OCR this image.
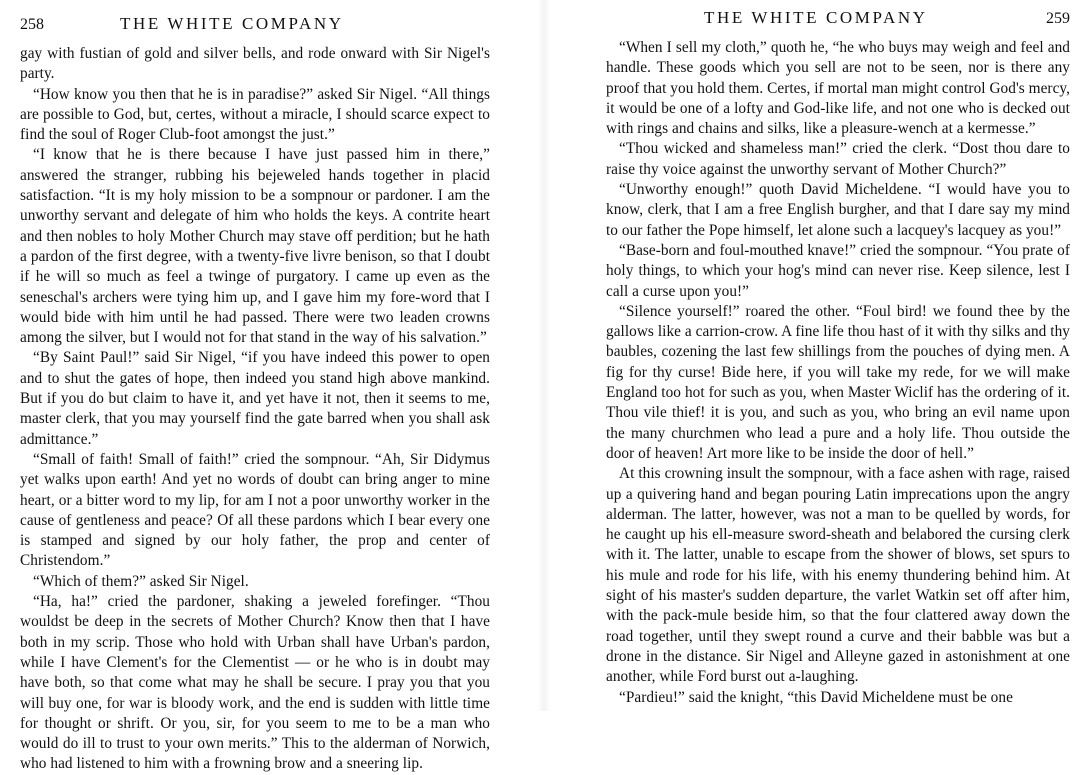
258	THE WHITE COMPANY

gay with fustian of gold and silver bells, and rode onward with Sir Nigel's party.

“How know you then that he is in paradise?” asked Sir Nigel. “All things are possible to God, but, certes, without a miracle, I should scarce expect to find the soul of Roger Club-foot amongst the just.”

“I know that he is there because I have just passed him in there,” answered the stranger, rubbing his bejeweled hands together in placid satisfaction. “It is my holy mission to be a sompnour or pardoner. I am the unworthy servant and delegate of him who holds the keys. A contrite heart and then nobles to holy Mother Church may stave off perdition; but he hath a pardon of the first degree, with a twenty-five livre benison, so that I doubt if he will so much as feel a twinge of purgatory. I came up even as the seneschal's archers were tying him up, and I gave him my fore-word that I would bide with him until he had passed. There were two leaden crowns among the silver, but I would not for that stand in the way of his salvation.”

“By Saint Paul!” said Sir Nigel, “if you have indeed this power to open and to shut the gates of hope, then indeed you stand high above mankind. But if you do but claim to have it, and yet have it not, then it seems to me, master clerk, that you may yourself find the gate barred when you shall ask admittance.”

“Small of faith! Small of faith!” cried the sompnour. “Ah, Sir Didymus yet walks upon earth! And yet no words of doubt can bring anger to mine heart, or a bitter word to my lip, for am I not a poor unworthy worker in the cause of gentleness and peace? Of all these pardons which I bear every one is stamped and signed by our holy father, the prop and center of Christendom.”

“Which of them?” asked Sir Nigel.

“Ha, ha!” cried the pardoner, shaking a jeweled forefinger. “Thou wouldst be deep in the secrets of Mother Church? Know then that I have both in my scrip. Those who hold with Urban shall have Urban's pardon, while I have Clement's for the Clementist — or he who is in doubt may have both, so that come what may he shall be secure. I pray you that you will buy one, for war is bloody work, and the end is sudden with little time for thought or shrift. Or you, sir, for you seem to me to be a man who would do ill to trust to your own merits.” This to the alderman of Norwich, who had listened to him with a frowning brow and a sneering lip.

THE WHITE COMPANY	259

“When I sell my cloth,” quoth he, “he who buys may weigh and feel and handle. These goods which you sell are not to be seen, nor is there any proof that you hold them. Certes, if mortal man might control God's mercy, it would be one of a lofty and God-like life, and not one who is decked out with rings and chains and silks, like a pleasure-wench at a kermesse.”

“Thou wicked and shameless man!” cried the clerk. “Dost thou dare to raise thy voice against the unworthy servant of Mother Church?”

“Unworthy enough!” quoth David Micheldene. “I would have you to know, clerk, that I am a free English burgher, and that I dare say my mind to our father the Pope himself, let alone such a lacquey's lacquey as you!”

“Base-born and foul-mouthed knave!” cried the sompnour. “You prate of holy things, to which your hog's mind can never rise. Keep silence, lest I call a curse upon you!”

“Silence yourself!” roared the other. “Foul bird! we found thee by the gallows like a carrion-crow. A fine life thou hast of it with thy silks and thy baubles, cozening the last few shillings from the pouches of dying men. A fig for thy curse! Bide here, if you will take my rede, for we will make England too hot for such as you, when Master Wiclif has the ordering of it. Thou vile thief! it is you, and such as you, who bring an evil name upon the many churchmen who lead a pure and a holy life. Thou outside the door of heaven! Art more like to be inside the door of hell.”

At this crowning insult the sompnour, with a face ashen with rage, raised up a quivering hand and began pouring Latin imprecations upon the angry alderman. The latter, however, was not a man to be quelled by words, for he caught up his ell-measure sword-sheath and belabored the cursing clerk with it. The latter, unable to escape from the shower of blows, set spurs to his mule and rode for his life, with his enemy thundering behind him. At sight of his master's sudden departure, the varlet Watkin set off after him, with the pack-mule beside him, so that the four clattered away down the road together, until they swept round a curve and their babble was but a drone in the distance. Sir Nigel and Alleyne gazed in astonishment at one another, while Ford burst out a-laughing.

“Pardieu!” said the knight, “this David Micheldene must be one
